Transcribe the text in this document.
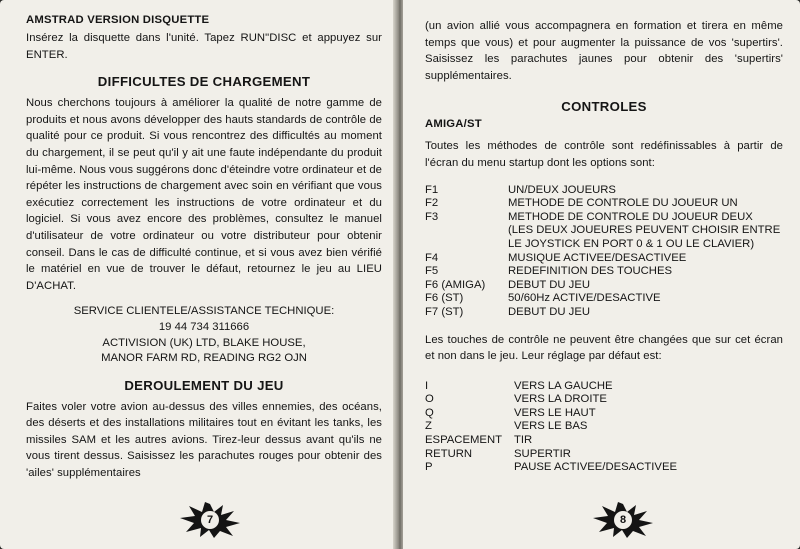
AMSTRAD VERSION DISQUETTE

Insérez la disquette dans l'unité. Tapez RUN"DISC et appuyez sur ENTER.

DIFFICULTES DE CHARGEMENT

Nous cherchons toujours à améliorer la qualité de notre gamme de produits et nous avons développer des hauts standards de contrôle de qualité pour ce produit. Si vous rencontrez des difficultés au moment du chargement, il se peut qu'il y ait une faute indépendante du produit lui-même. Nous vous suggérons donc d'éteindre votre ordinateur et de répéter les instructions de chargement avec soin en vérifiant que vous exécutiez correctement les instructions de votre ordinateur et du logiciel. Si vous avez encore des problèmes, consultez le manuel d'utilisateur de votre ordinateur ou votre distributeur pour obtenir conseil. Dans le cas de difficulté continue, et si vous avez bien vérifié le matériel en vue de trouver le défaut, retournez le jeu au LIEU D'ACHAT.

SERVICE CLIENTELE/ASSISTANCE TECHNIQUE:
19 44 734 311666
ACTIVISION (UK) LTD, BLAKE HOUSE,
MANOR FARM RD, READING RG2 OJN
DEROULEMENT DU JEU

Faites voler votre avion au-dessus des villes ennemies, des océans, des déserts et des installations militaires tout en évitant les tanks, les missiles SAM et les autres avions. Tirez-leur dessus avant qu'ils ne vous tirent dessus. Saisissez les parachutes rouges pour obtenir des 'ailes' supplémentaires

7

(un avion allié vous accompagnera en formation et tirera en même temps que vous) et pour augmenter la puissance de vos 'supertirs'. Saisissez les parachutes jaunes pour obtenir des 'supertirs' supplémentaires.

CONTROLES
AMIGA/ST

Toutes les méthodes de contrôle sont redéfinissables à partir de l'écran du menu startup dont les options sont:

F1	UN/DEUX JOUEURS
F2	METHODE DE CONTROLE DU JOUEUR UN
F3	METHODE DE CONTROLE DU JOUEUR DEUX
(LES DEUX JOUEURES PEUVENT CHOISIR ENTRE
LE JOYSTICK EN PORT 0 & 1 OU LE CLAVIER)
F4	MUSIQUE ACTIVEE/DESACTIVEE
F5	REDEFINITION DES TOUCHES
F6 (AMIGA)	DEBUT DU JEU
F6 (ST)	50/60Hz ACTIVE/DESACTIVE
F7 (ST)	DEBUT DU JEU

Les touches de contrôle ne peuvent être changées que sur cet écran et non dans le jeu. Leur réglage par défaut est:

I	VERS LA GAUCHE
O	VERS LA DROITE
Q	VERS LE HAUT
Z	VERS LE BAS
ESPACEMENT	TIR
RETURN	SUPERTIR
P	PAUSE ACTIVEE/DESACTIVEE
8
